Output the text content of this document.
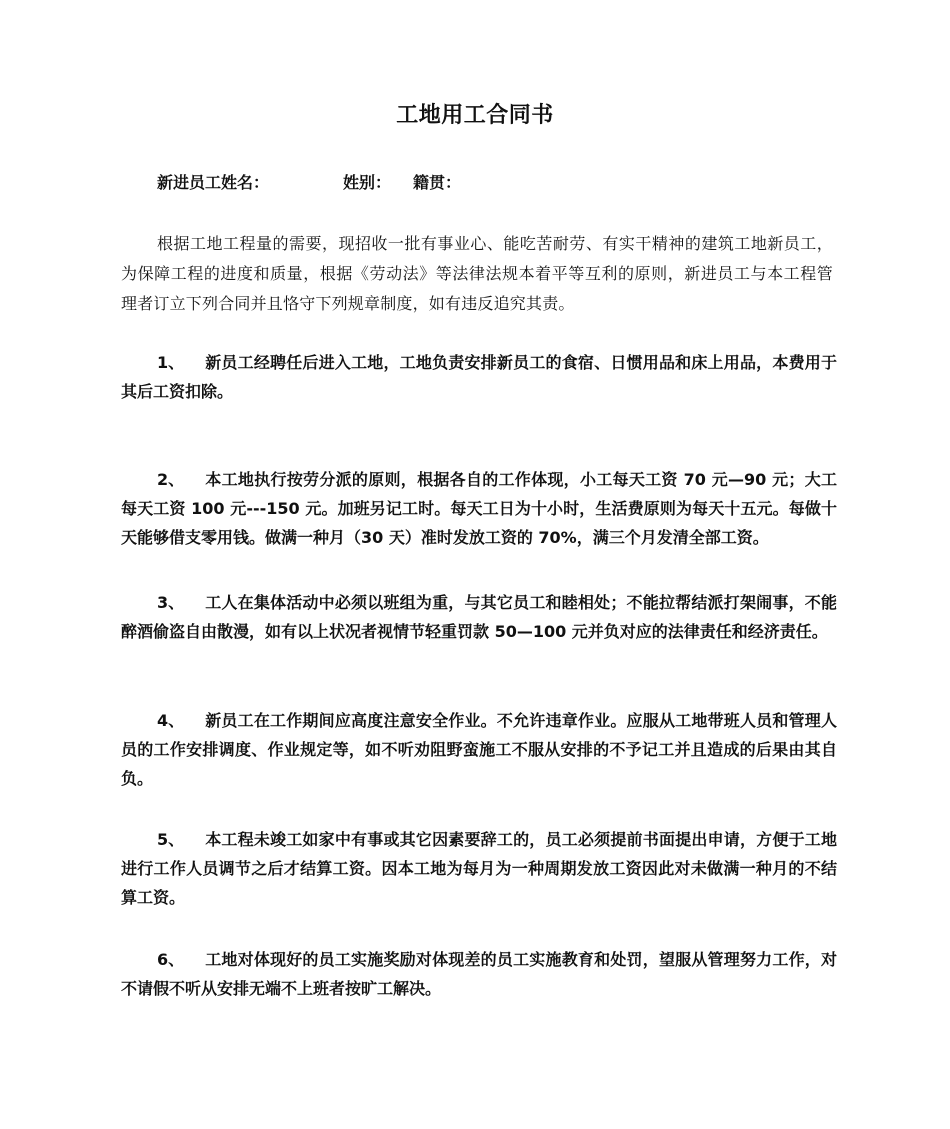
工地用工合同书
新进员工姓名：	姓别： 籍贯：
根据工地工程量的需要，现招收一批有事业心、能吃苦耐劳、有实干精神的建筑工地新员工，为保障工程的进度和质量，根据《劳动法》等法律法规本着平等互利的原则，新进员工与本工程管理者订立下列合同并且恪守下列规章制度，如有违反追究其责。
1、 新员工经聘任后进入工地，工地负责安排新员工的食宿、日惯用品和床上用品，本费用于其后工资扣除。
2、 本工地执行按劳分派的原则，根据各自的工作体现，小工每天工资 70 元—90 元；大工每天工资 100 元---150 元。加班另记工时。每天工日为十小时，生活费原则为每天十五元。每做十天能够借支零用钱。做满一种月（30 天）准时发放工资的 70%，满三个月发清全部工资。
3、 工人在集体活动中必须以班组为重，与其它员工和睦相处；不能拉帮结派打架闹事，不能醉酒偷盗自由散漫，如有以上状况者视情节轻重罚款 50—100 元并负对应的法律责任和经济责任。
4、 新员工在工作期间应高度注意安全作业。不允许违章作业。应服从工地带班人员和管理人员的工作安排调度、作业规定等，如不听劝阻野蛮施工不服从安排的不予记工并且造成的后果由其自负。
5、 本工程未竣工如家中有事或其它因素要辞工的，员工必须提前书面提出申请，方便于工地进行工作人员调节之后才结算工资。因本工地为每月为一种周期发放工资因此对未做满一种月的不结算工资。
6、 工地对体现好的员工实施奖励对体现差的员工实施教育和处罚，望服从管理努力工作，对不请假不听从安排无端不上班者按旷工解决。
